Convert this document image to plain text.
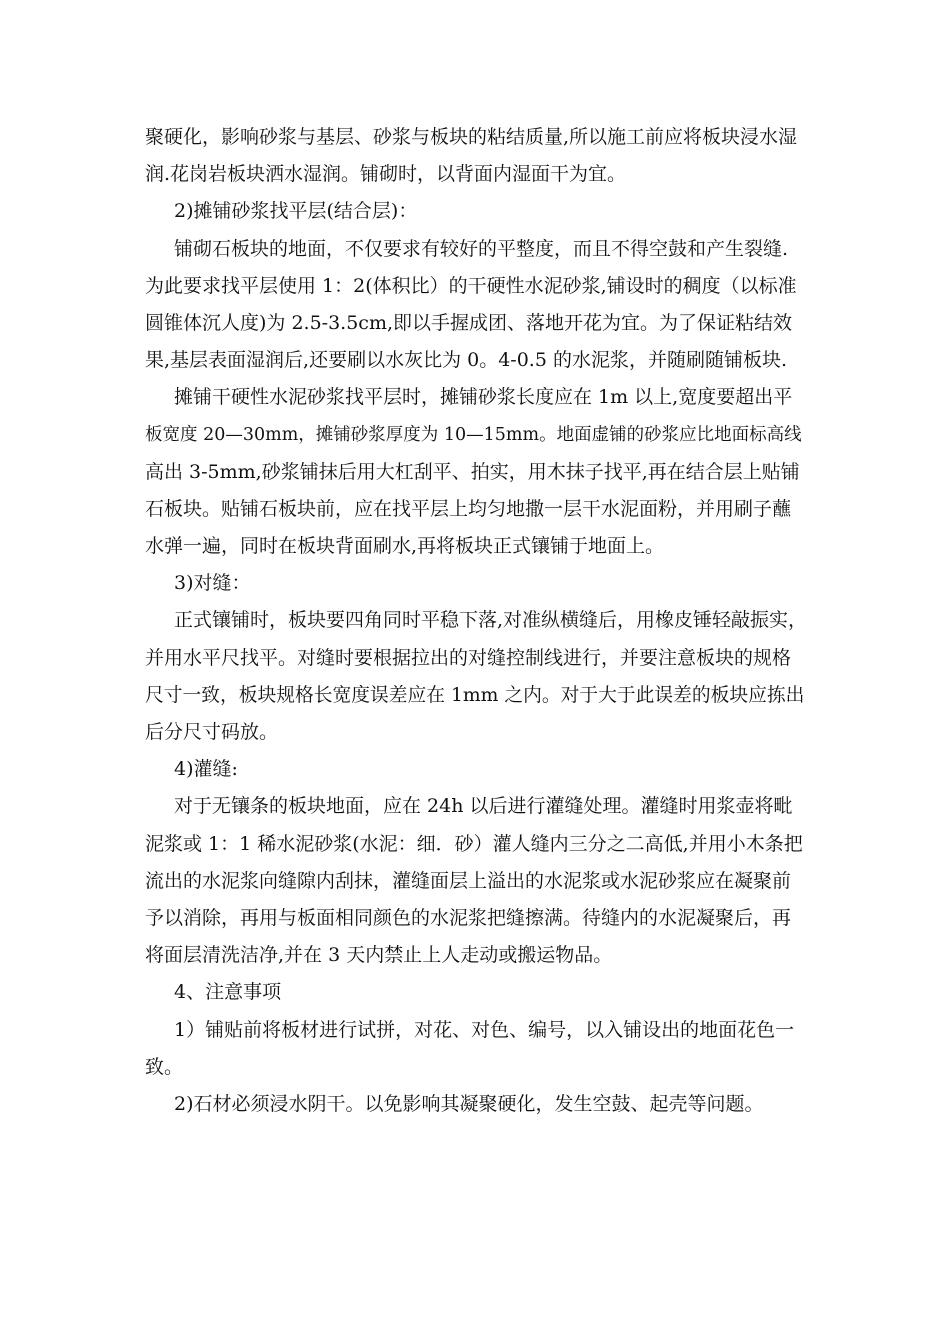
聚硬化，影响砂浆与基层、砂浆与板块的粘结质量,所以施工前应将板块浸水湿

润.花岗岩板块洒水湿润。铺砌时，以背面内湿面干为宜。

2)摊铺砂浆找平层(结合层)：

铺砌石板块的地面，不仅要求有较好的平整度，而且不得空鼓和产生裂缝.

为此要求找平层使用 1：2(体积比）的干硬性水泥砂浆,铺设时的稠度（以标准

圆锥体沉人度)为 2.5-3.5cm,即以手握成团、落地开花为宜。为了保证粘结效

果,基层表面湿润后,还要刷以水灰比为 0。4-0.5 的水泥浆，并随刷随铺板块.

摊铺干硬性水泥砂浆找平层时，摊铺砂浆长度应在 1m 以上,宽度要超出平

板宽度 20—30mm，摊铺砂浆厚度为 10—15mm。地面虚铺的砂浆应比地面标高线

高出 3-5mm,砂浆铺抹后用大杠刮平、拍实，用木抹子找平,再在结合层上贴铺

石板块。贴铺石板块前，应在找平层上均匀地撒一层干水泥面粉，并用刷子蘸

水弹一遍，同时在板块背面刷水,再将板块正式镶铺于地面上。

3)对缝：

正式镶铺时，板块要四角同时平稳下落,对准纵横缝后，用橡皮锤轻敲振实，

并用水平尺找平。对缝时要根据拉出的对缝控制线进行，并要注意板块的规格

尺寸一致，板块规格长宽度误差应在 1mm 之内。对于大于此误差的板块应拣出

后分尺寸码放。

4)灌缝:

对于无镶条的板块地面，应在 24h 以后进行灌缝处理。灌缝时用浆壶将毗

泥浆或 1：1 稀水泥砂浆(水泥：细．砂）灌人缝内三分之二高低,并用小木条把

流出的水泥浆向缝隙内刮抹，灌缝面层上溢出的水泥浆或水泥砂浆应在凝聚前

予以消除，再用与板面相同颜色的水泥浆把缝擦满。待缝内的水泥凝聚后，再

将面层清洗洁净,并在 3 天内禁止上人走动或搬运物品。

4、注意事项

1）铺贴前将板材进行试拼，对花、对色、编号，以入铺设出的地面花色一

致。

2)石材必须浸水阴干。以免影响其凝聚硬化，发生空鼓、起壳等问题。
